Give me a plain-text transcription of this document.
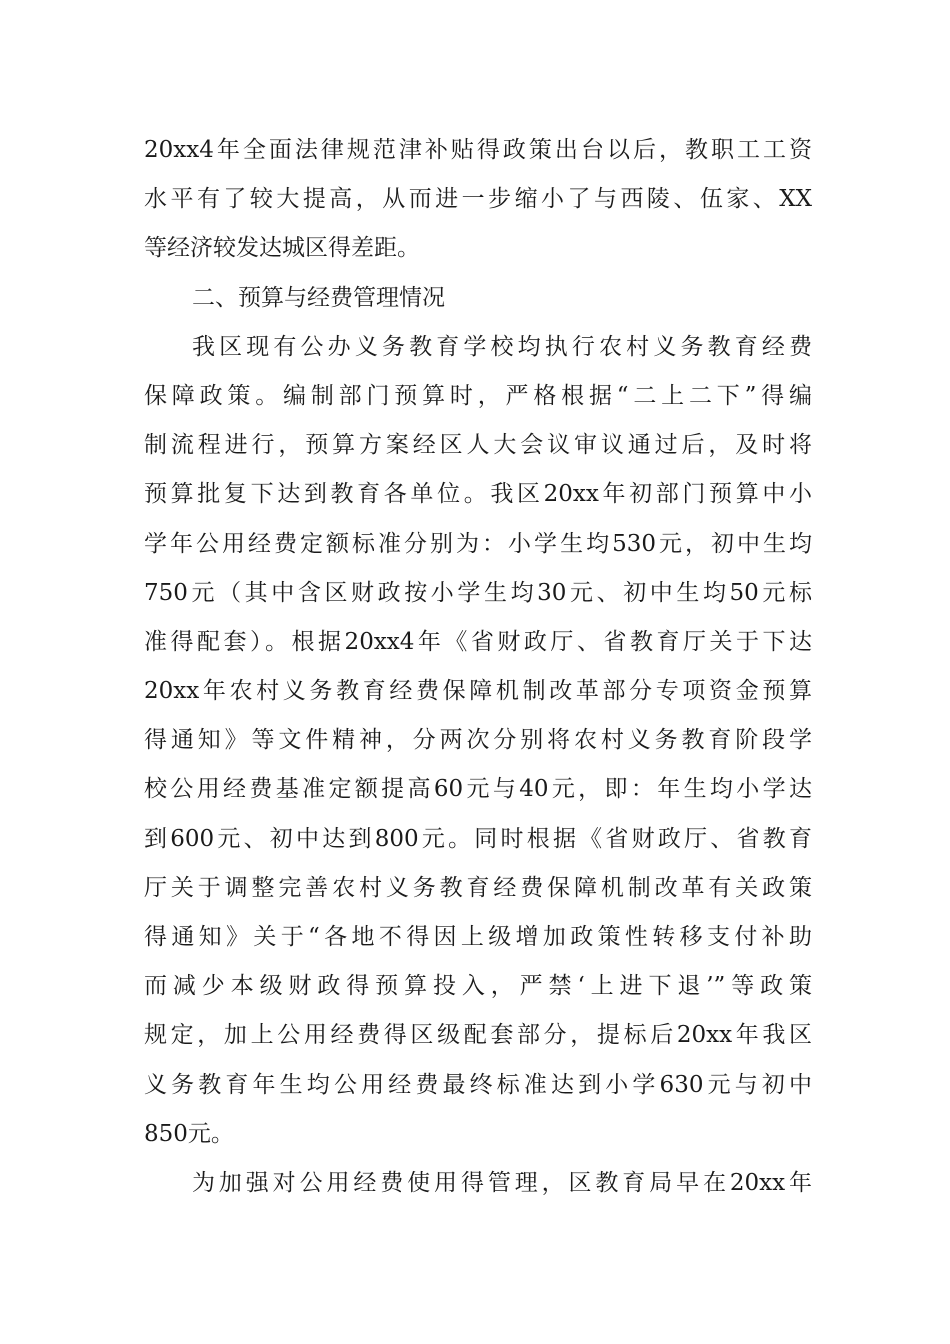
20xx4年全面法律规范津补贴得政策出台以后，教职工工资
水平有了较大提高，从而进一步缩小了与西陵、伍家、XX
等经济较发达城区得差距。
二、预算与经费管理情况
我区现有公办义务教育学校均执行农村义务教育经费
保障政策。编制部门预算时，严格根据“二上二下”得编
制流程进行，预算方案经区人大会议审议通过后，及时将
预算批复下达到教育各单位。我区20xx年初部门预算中小
学年公用经费定额标准分别为：小学生均530元，初中生均
750元（其中含区财政按小学生均30元、初中生均50元标
准得配套）。根据20xx4年《省财政厅、省教育厅关于下达
20xx年农村义务教育经费保障机制改革部分专项资金预算
得通知》等文件精神，分两次分别将农村义务教育阶段学
校公用经费基准定额提高60元与40元，即：年生均小学达
到600元、初中达到800元。同时根据《省财政厅、省教育
厅关于调整完善农村义务教育经费保障机制改革有关政策
得通知》关于“各地不得因上级增加政策性转移支付补助
而减少本级财政得预算投入，严禁‘上进下退’”等政策
规定，加上公用经费得区级配套部分，提标后20xx年我区
义务教育年生均公用经费最终标准达到小学630元与初中
850元。
为加强对公用经费使用得管理，区教育局早在20xx年
